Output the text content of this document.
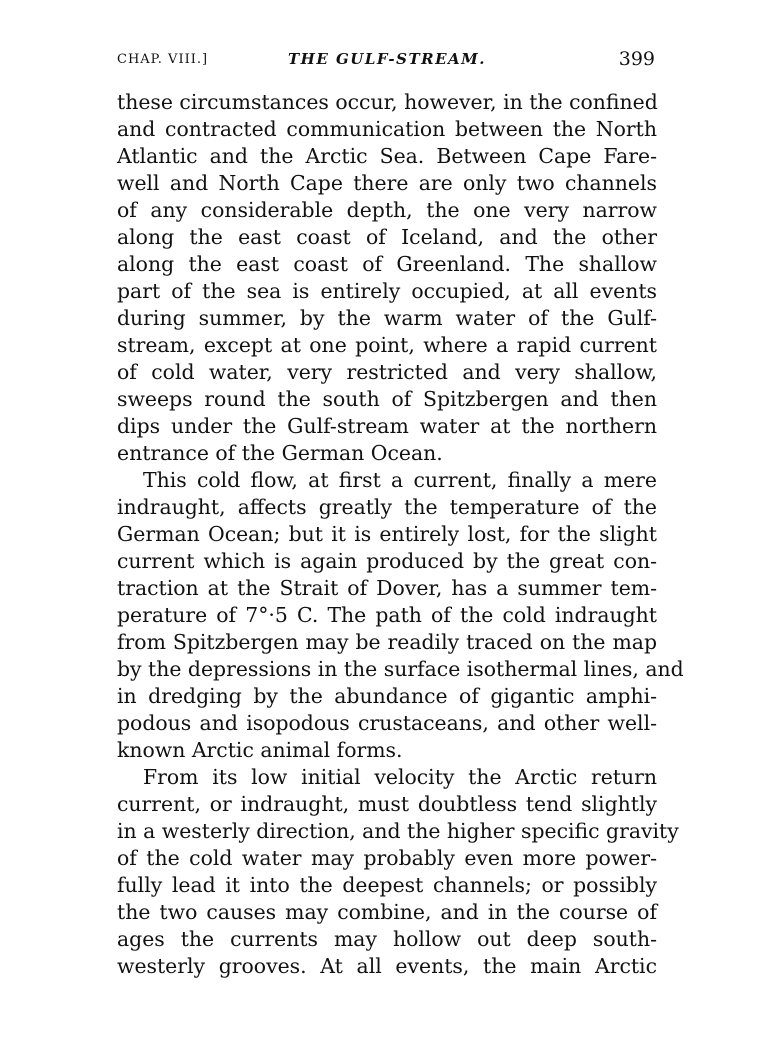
CHAP. VIII.]	THE GULF-STREAM.	399
these circumstances occur, however, in the confined
and contracted communication between the North
Atlantic and the Arctic Sea. Between Cape Fare-
well and North Cape there are only two channels
of any considerable depth, the one very narrow
along the east coast of Iceland, and the other
along the east coast of Greenland. The shallow
part of the sea is entirely occupied, at all events
during summer, by the warm water of the Gulf-
stream, except at one point, where a rapid current
of cold water, very restricted and very shallow,
sweeps round the south of Spitzbergen and then
dips under the Gulf-stream water at the northern
entrance of the German Ocean.
This cold flow, at first a current, finally a mere
indraught, affects greatly the temperature of the
German Ocean; but it is entirely lost, for the slight
current which is again produced by the great con-
traction at the Strait of Dover, has a summer tem-
perature of 7°·5 C. The path of the cold indraught
from Spitzbergen may be readily traced on the map
by the depressions in the surface isothermal lines, and
in dredging by the abundance of gigantic amphi-
podous and isopodous crustaceans, and other well-
known Arctic animal forms.
From its low initial velocity the Arctic return
current, or indraught, must doubtless tend slightly
in a westerly direction, and the higher specific gravity
of the cold water may probably even more power-
fully lead it into the deepest channels; or possibly
the two causes may combine, and in the course of
ages the currents may hollow out deep south-
westerly grooves. At all events, the main Arctic
